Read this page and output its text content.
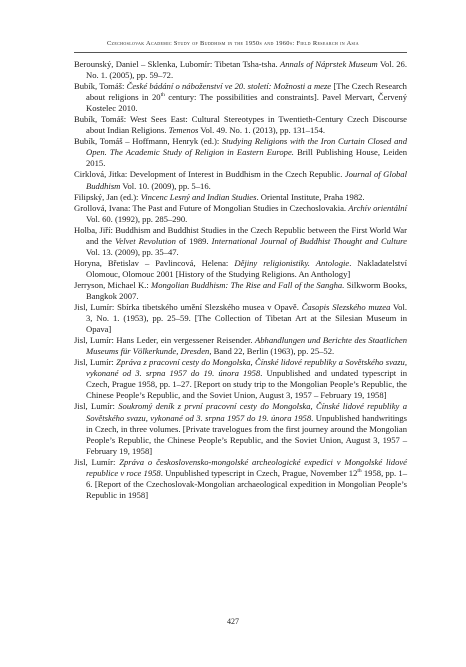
Czechoslovak Academic Study of Buddhism in the 1950s and 1960s: Field Research in Asia

Berounský, Daniel – Sklenka, Lubomír: Tibetan Tsha-tsha. Annals of Náprstek Museum Vol. 26. No. 1. (2005), pp. 59–72.

Bubík, Tomáš: České bádání o náboženství ve 20. století: Možnosti a meze [The Czech Research about religions in 20th century: The possibilities and constraints]. Pavel Mervart, Červený Kostelec 2010.

Bubík, Tomáš: West Sees East: Cultural Stereotypes in Twentieth-Century Czech Discourse about Indian Religions. Temenos Vol. 49. No. 1. (2013), pp. 131–154.

Bubík, Tomáš – Hoffmann, Henryk (ed.): Studying Religions with the Iron Curtain Closed and Open. The Academic Study of Religion in Eastern Europe. Brill Publishing House, Leiden 2015.

Cirklová, Jitka: Development of Interest in Buddhism in the Czech Republic. Journal of Global Buddhism Vol. 10. (2009), pp. 5–16.

Filipský, Jan (ed.): Vincenc Lesný and Indian Studies. Oriental Institute, Praha 1982.

Grollová, Ivana: The Past and Future of Mongolian Studies in Czechoslovakia. Archív orientální Vol. 60. (1992), pp. 285–290.

Holba, Jiří: Buddhism and Buddhist Studies in the Czech Republic between the First World War and the Velvet Revolution of 1989. International Journal of Buddhist Thought and Culture Vol. 13. (2009), pp. 35–47.

Horyna, Břetislav – Pavlincová, Helena: Dějiny religionistiky. Antologie. Nakladatelství Olomouc, Olomouc 2001 [History of the Studying Religions. An Anthology]

Jerryson, Michael K.: Mongolian Buddhism: The Rise and Fall of the Sangha. Silkworm Books, Bangkok 2007.

Jisl, Lumír: Sbírka tibetského umění Slezského musea v Opavě. Časopis Slezského muzea Vol. 3, No. 1. (1953), pp. 25–59. [The Collection of Tibetan Art at the Silesian Museum in Opava]

Jisl, Lumír: Hans Leder, ein vergessener Reisender. Abhandlungen und Berichte des Staatlichen Museums für Völkerkunde, Dresden, Band 22, Berlin (1963), pp. 25–52.

Jisl, Lumír: Zpráva z pracovní cesty do Mongolska, Čínské lidové republiky a Sovětského svazu, vykonané od 3. srpna 1957 do 19. února 1958. Unpublished and undated typescript in Czech, Prague 1958, pp. 1–27. [Report on study trip to the Mongolian People’s Republic, the Chinese People’s Republic, and the Soviet Union, August 3, 1957 – February 19, 1958]

Jisl, Lumír: Soukromý deník z první pracovní cesty do Mongolska, Čínské lidové republiky a Sovětského svazu, vykonané od 3. srpna 1957 do 19. února 1958. Unpublished handwritings in Czech, in three volumes. [Private travelogues from the first journey around the Mongolian People’s Republic, the Chinese People’s Republic, and the Soviet Union, August 3, 1957 – February 19, 1958]

Jisl, Lumír: Zpráva o československo-mongolské archeologické expedici v Mongolské lidové republice v roce 1958. Unpublished typescript in Czech, Prague, November 12th 1958, pp. 1–6. [Report of the Czechoslovak-Mongolian archaeological expedition in Mongolian People’s Republic in 1958]

427
